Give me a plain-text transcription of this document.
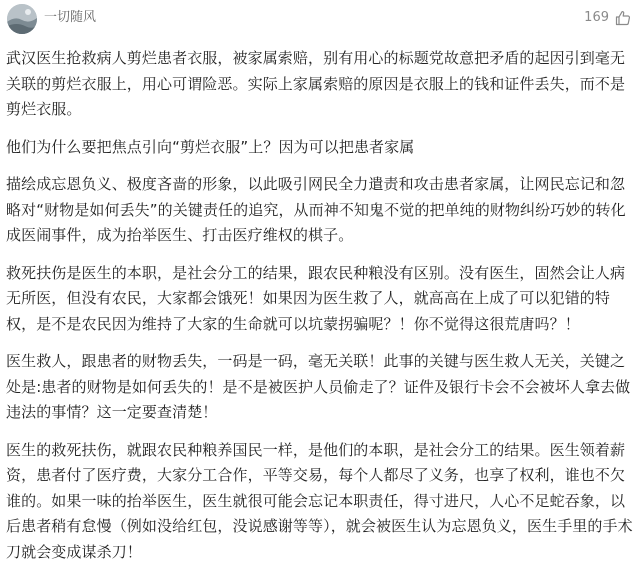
一切随风	169

武汉医生抢救病人剪烂患者衣服，被家属索赔，别有用心的标题党故意把矛盾的起因引到毫无关联的剪烂衣服上，用心可谓险恶。实际上家属索赔的原因是衣服上的钱和证件丢失，而不是剪烂衣服。

他们为什么要把焦点引向“剪烂衣服”上？因为可以把患者家属

描绘成忘恩负义、极度吝啬的形象，以此吸引网民全力遣责和攻击患者家属，让网民忘记和忽略对“财物是如何丢失”的关键责任的追究，从而神不知鬼不觉的把单纯的财物纠纷巧妙的转化成医闹事件，成为抬举医生、打击医疗维权的棋子。

救死扶伤是医生的本职，是社会分工的结果，跟农民种粮没有区别。没有医生，固然会让人病无所医，但没有农民，大家都会饿死！如果因为医生救了人，就高高在上成了可以犯错的特权，是不是农民因为维持了大家的生命就可以坑蒙拐骗呢？！你不觉得这很荒唐吗？！

医生救人，跟患者的财物丢失，一码是一码，毫无关联！此事的关键与医生救人无关，关键之处是:患者的财物是如何丢失的！是不是被医护人员偷走了？证件及银行卡会不会被坏人拿去做违法的事情？这一定要查清楚！

医生的救死扶伤，就跟农民种粮养国民一样，是他们的本职，是社会分工的结果。医生领着薪资，患者付了医疗费，大家分工合作，平等交易，每个人都尽了义务，也享了权利，谁也不欠谁的。如果一味的抬举医生，医生就很可能会忘记本职责任，得寸进尺，人心不足蛇吞象，以后患者稍有怠慢（例如没给红包，没说感谢等等），就会被医生认为忘恩负义，医生手里的手术刀就会变成谋杀刀！
